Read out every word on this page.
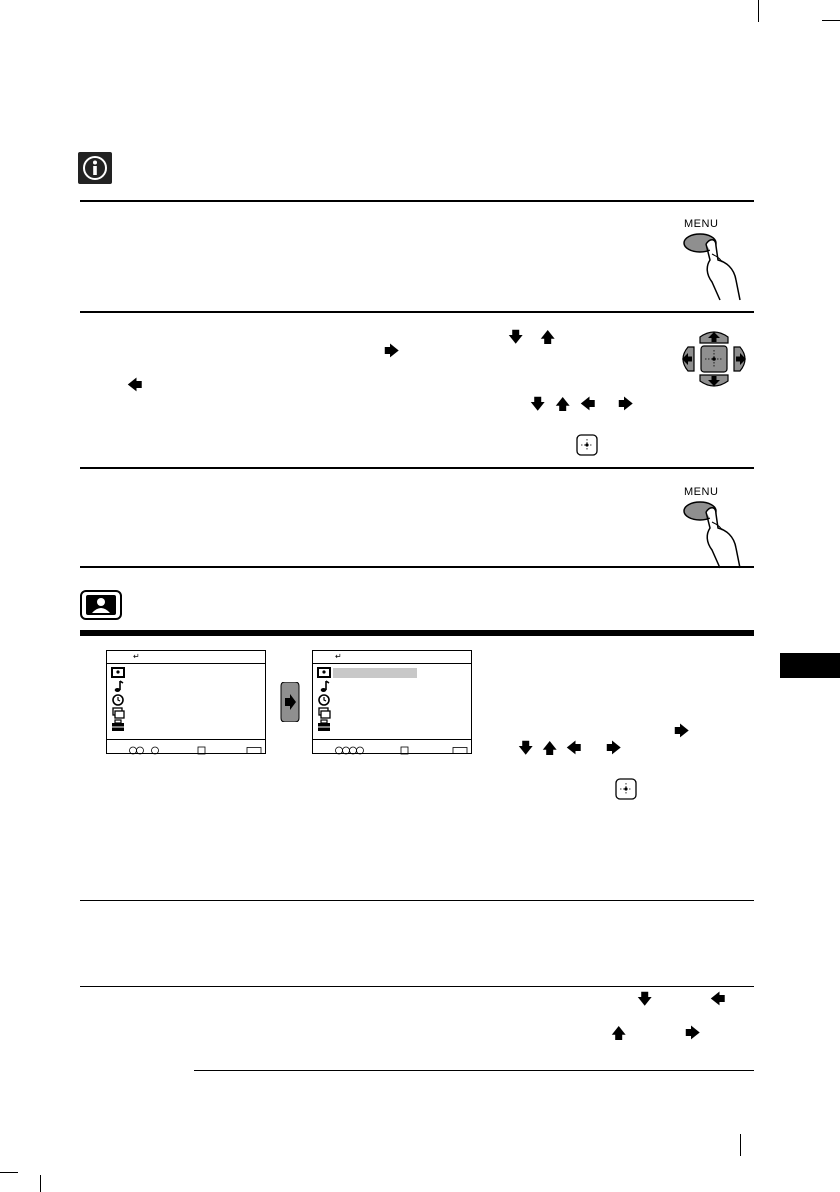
MENU
🡇 🡅
🡆
🡄
🡇 🡅 🡄 🡆
MENU
↵	↵
🡆
🡇 🡅 🡄 🡆
🡇	🡄
🡅	🡆
